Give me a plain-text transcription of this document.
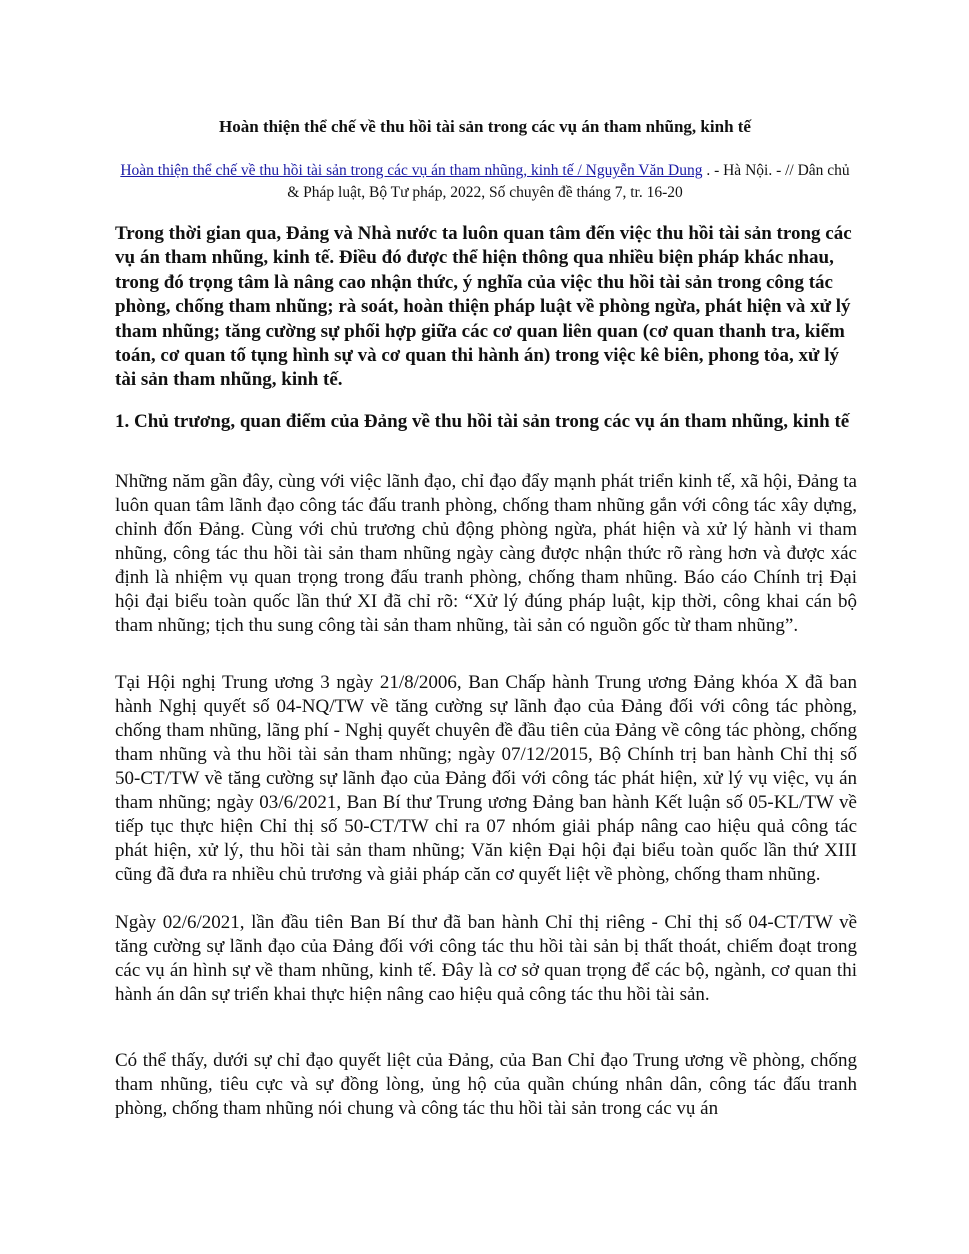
Hoàn thiện thể chế về thu hồi tài sản trong các vụ án tham nhũng, kinh tế
Hoàn thiện thể chế về thu hồi tài sản trong các vụ án tham nhũng, kinh tế / Nguyễn Văn Dung . - Hà Nội. - // Dân chủ & Pháp luật, Bộ Tư pháp, 2022, Số chuyên đề tháng 7, tr. 16-20
Trong thời gian qua, Đảng và Nhà nước ta luôn quan tâm đến việc thu hồi tài sản trong các vụ án tham nhũng, kinh tế. Điều đó được thể hiện thông qua nhiều biện pháp khác nhau, trong đó trọng tâm là nâng cao nhận thức, ý nghĩa của việc thu hồi tài sản trong công tác phòng, chống tham nhũng; rà soát, hoàn thiện pháp luật về phòng ngừa, phát hiện và xử lý tham nhũng; tăng cường sự phối hợp giữa các cơ quan liên quan (cơ quan thanh tra, kiểm toán, cơ quan tố tụng hình sự và cơ quan thi hành án) trong việc kê biên, phong tỏa, xử lý tài sản tham nhũng, kinh tế.
1. Chủ trương, quan điểm của Đảng về thu hồi tài sản trong các vụ án tham nhũng, kinh tế

Những năm gần đây, cùng với việc lãnh đạo, chỉ đạo đẩy mạnh phát triển kinh tế, xã hội, Đảng ta luôn quan tâm lãnh đạo công tác đấu tranh phòng, chống tham nhũng gắn với công tác xây dựng, chỉnh đốn Đảng. Cùng với chủ trương chủ động phòng ngừa, phát hiện và xử lý hành vi tham nhũng, công tác thu hồi tài sản tham nhũng ngày càng được nhận thức rõ ràng hơn và được xác định là nhiệm vụ quan trọng trong đấu tranh phòng, chống tham nhũng. Báo cáo Chính trị Đại hội đại biểu toàn quốc lần thứ XI đã chỉ rõ: “Xử lý đúng pháp luật, kịp thời, công khai cán bộ tham nhũng; tịch thu sung công tài sản tham nhũng, tài sản có nguồn gốc từ tham nhũng”.

Tại Hội nghị Trung ương 3 ngày 21/8/2006, Ban Chấp hành Trung ương Đảng khóa X đã ban hành Nghị quyết số 04-NQ/TW về tăng cường sự lãnh đạo của Đảng đối với công tác phòng, chống tham nhũng, lãng phí - Nghị quyết chuyên đề đầu tiên của Đảng về công tác phòng, chống tham nhũng và thu hồi tài sản tham nhũng; ngày 07/12/2015, Bộ Chính trị ban hành Chỉ thị số 50-CT/TW về tăng cường sự lãnh đạo của Đảng đối với công tác phát hiện, xử lý vụ việc, vụ án tham nhũng; ngày 03/6/2021, Ban Bí thư Trung ương Đảng ban hành Kết luận số 05-KL/TW về tiếp tục thực hiện Chỉ thị số 50-CT/TW chỉ ra 07 nhóm giải pháp nâng cao hiệu quả công tác phát hiện, xử lý, thu hồi tài sản tham nhũng; Văn kiện Đại hội đại biểu toàn quốc lần thứ XIII cũng đã đưa ra nhiều chủ trương và giải pháp căn cơ quyết liệt về phòng, chống tham nhũng.

Ngày 02/6/2021, lần đầu tiên Ban Bí thư đã ban hành Chỉ thị riêng - Chỉ thị số 04-CT/TW về tăng cường sự lãnh đạo của Đảng đối với công tác thu hồi tài sản bị thất thoát, chiếm đoạt trong các vụ án hình sự về tham nhũng, kinh tế. Đây là cơ sở quan trọng để các bộ, ngành, cơ quan thi hành án dân sự triển khai thực hiện nâng cao hiệu quả công tác thu hồi tài sản.

Có thể thấy, dưới sự chỉ đạo quyết liệt của Đảng, của Ban Chỉ đạo Trung ương về phòng, chống tham nhũng, tiêu cực và sự đồng lòng, ủng hộ của quần chúng nhân dân, công tác đấu tranh phòng, chống tham nhũng nói chung và công tác thu hồi tài sản trong các vụ án
